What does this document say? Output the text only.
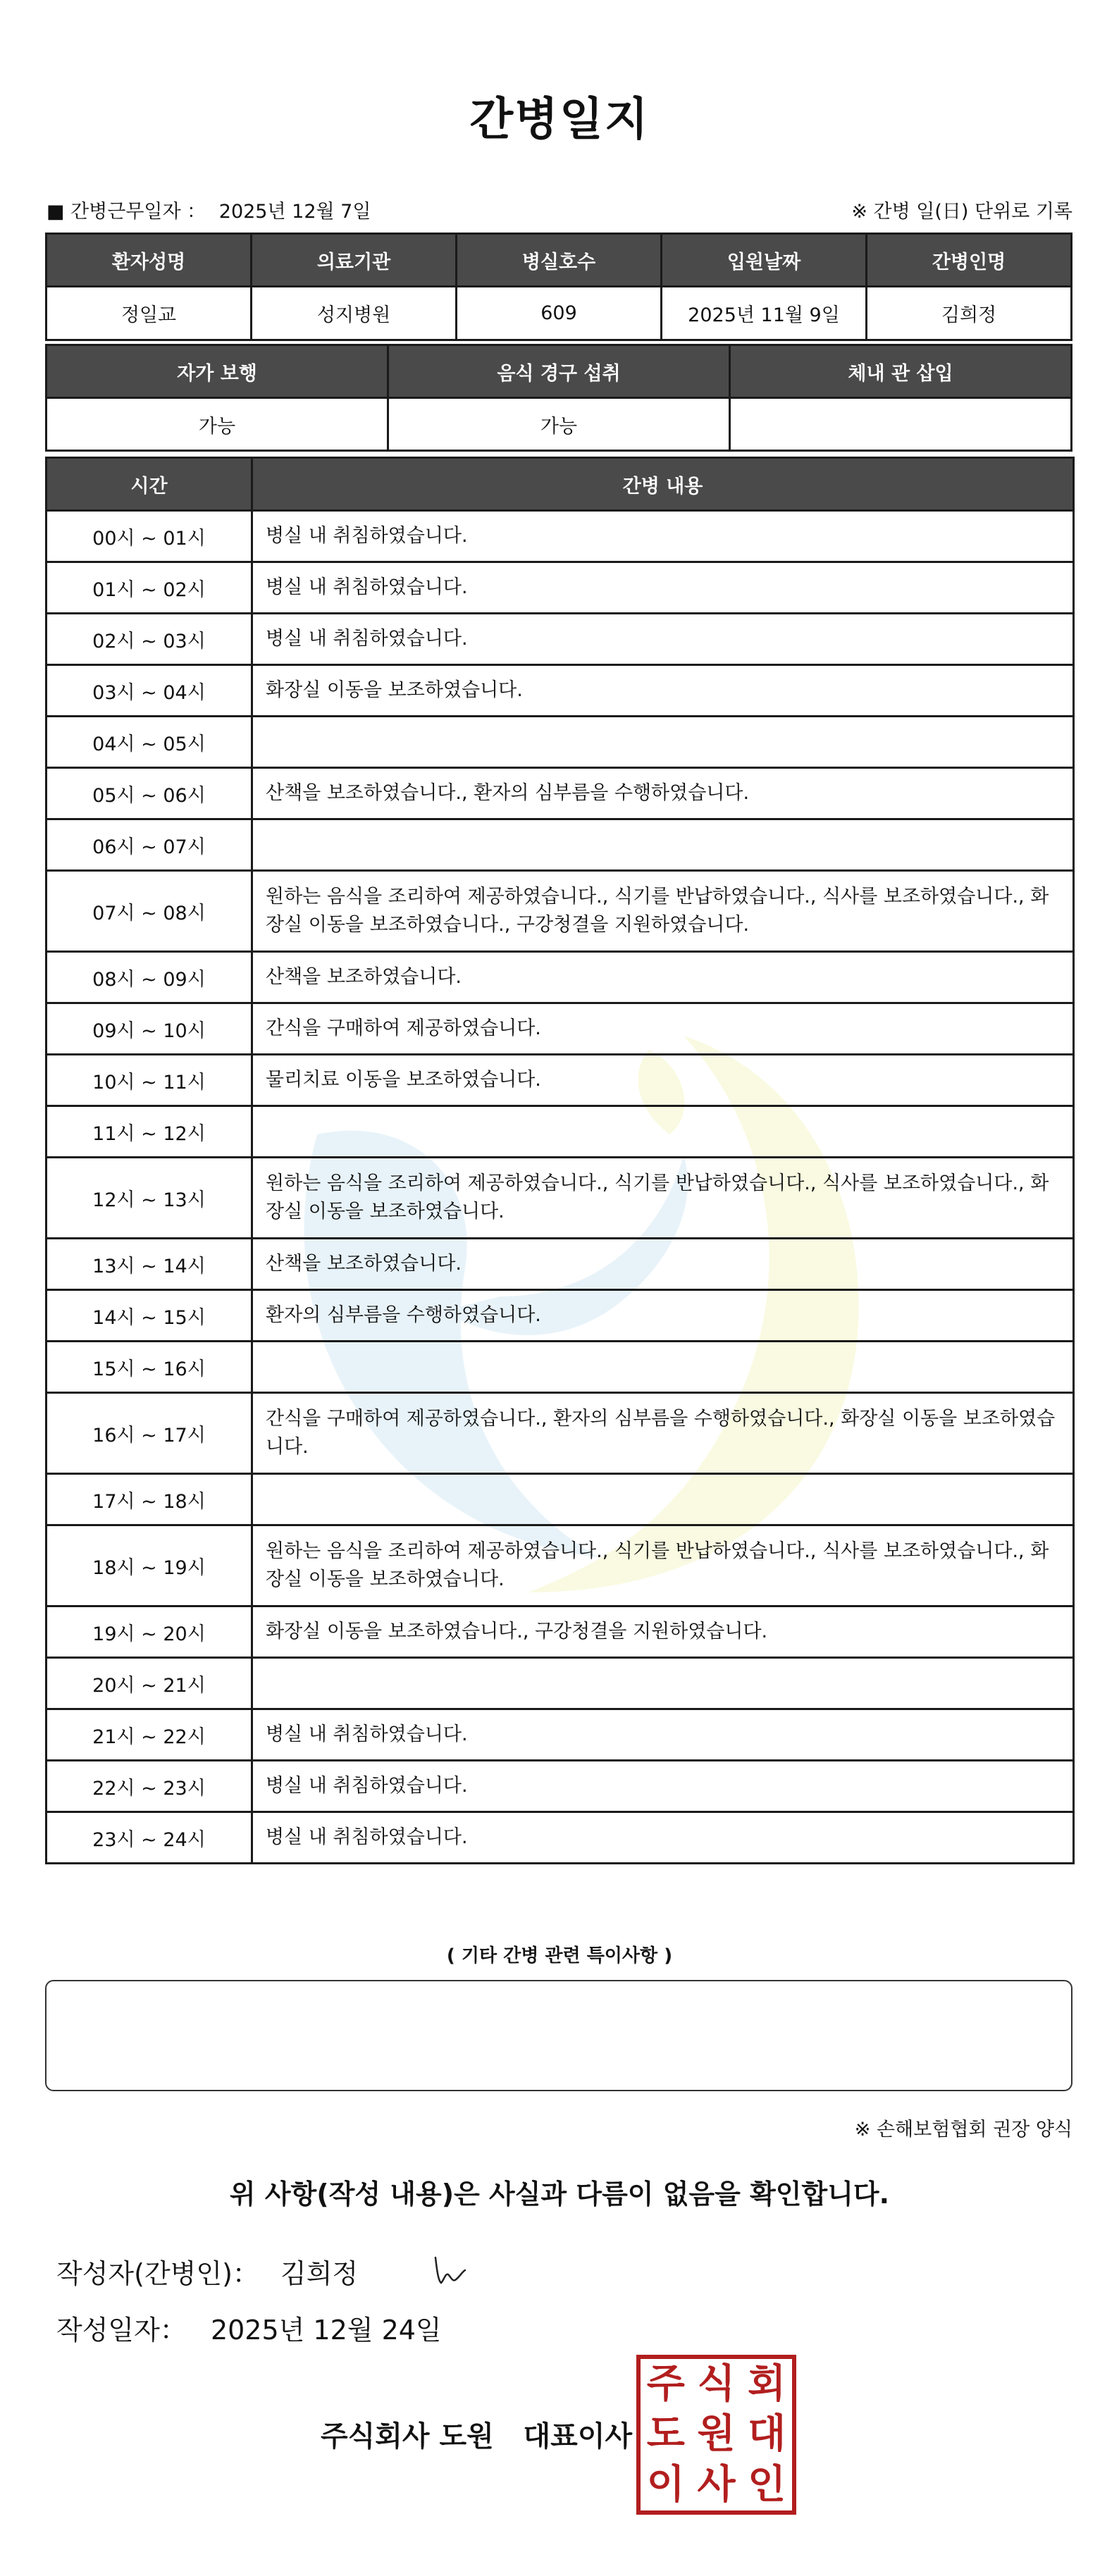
간병일지
■ 간병근무일자 ： 2025년 12월 7일	※ 간병 일(日) 단위로 기록
환자성명	의료기관	병실호수	입원날짜	간병인명
정일교	성지병원	609	2025년 11월 9일	김희정
자가 보행	음식 경구 섭취	체내 관 삽입
가능	가능	
시간	간병 내용
00시 ~ 01시	병실 내 취침하였습니다.
01시 ~ 02시	병실 내 취침하였습니다.
02시 ~ 03시	병실 내 취침하였습니다.
03시 ~ 04시	화장실 이동을 보조하였습니다.
04시 ~ 05시	
05시 ~ 06시	산책을 보조하였습니다., 환자의 심부름을 수행하였습니다.
06시 ~ 07시	
07시 ~ 08시	원하는 음식을 조리하여 제공하였습니다., 식기를 반납하였습니다., 식사를 보조하였습니다., 화장실 이동을 보조하였습니다., 구강청결을 지원하였습니다.
08시 ~ 09시	산책을 보조하였습니다.
09시 ~ 10시	간식을 구매하여 제공하였습니다.
10시 ~ 11시	물리치료 이동을 보조하였습니다.
11시 ~ 12시	
12시 ~ 13시	원하는 음식을 조리하여 제공하였습니다., 식기를 반납하였습니다., 식사를 보조하였습니다., 화장실 이동을 보조하였습니다.
13시 ~ 14시	산책을 보조하였습니다.
14시 ~ 15시	환자의 심부름을 수행하였습니다.
15시 ~ 16시	
16시 ~ 17시	간식을 구매하여 제공하였습니다., 환자의 심부름을 수행하였습니다., 화장실 이동을 보조하였습니다.
17시 ~ 18시	
18시 ~ 19시	원하는 음식을 조리하여 제공하였습니다., 식기를 반납하였습니다., 식사를 보조하였습니다., 화장실 이동을 보조하였습니다.
19시 ~ 20시	화장실 이동을 보조하였습니다., 구강청결을 지원하였습니다.
20시 ~ 21시	
21시 ~ 22시	병실 내 취침하였습니다.
22시 ~ 23시	병실 내 취침하였습니다.
23시 ~ 24시	병실 내 취침하였습니다.
( 기타 간병 관련 특이사항 )
※ 손해보험협회 권장 양식
위 사항(작성 내용)은 사실과 다름이 없음을 확인합니다.
작성자(간병인)： 김희정
작성일자： 2025년 12월 24일
주식회사 도원   대표이사
주 식 회
도 원 대
이 사 인
